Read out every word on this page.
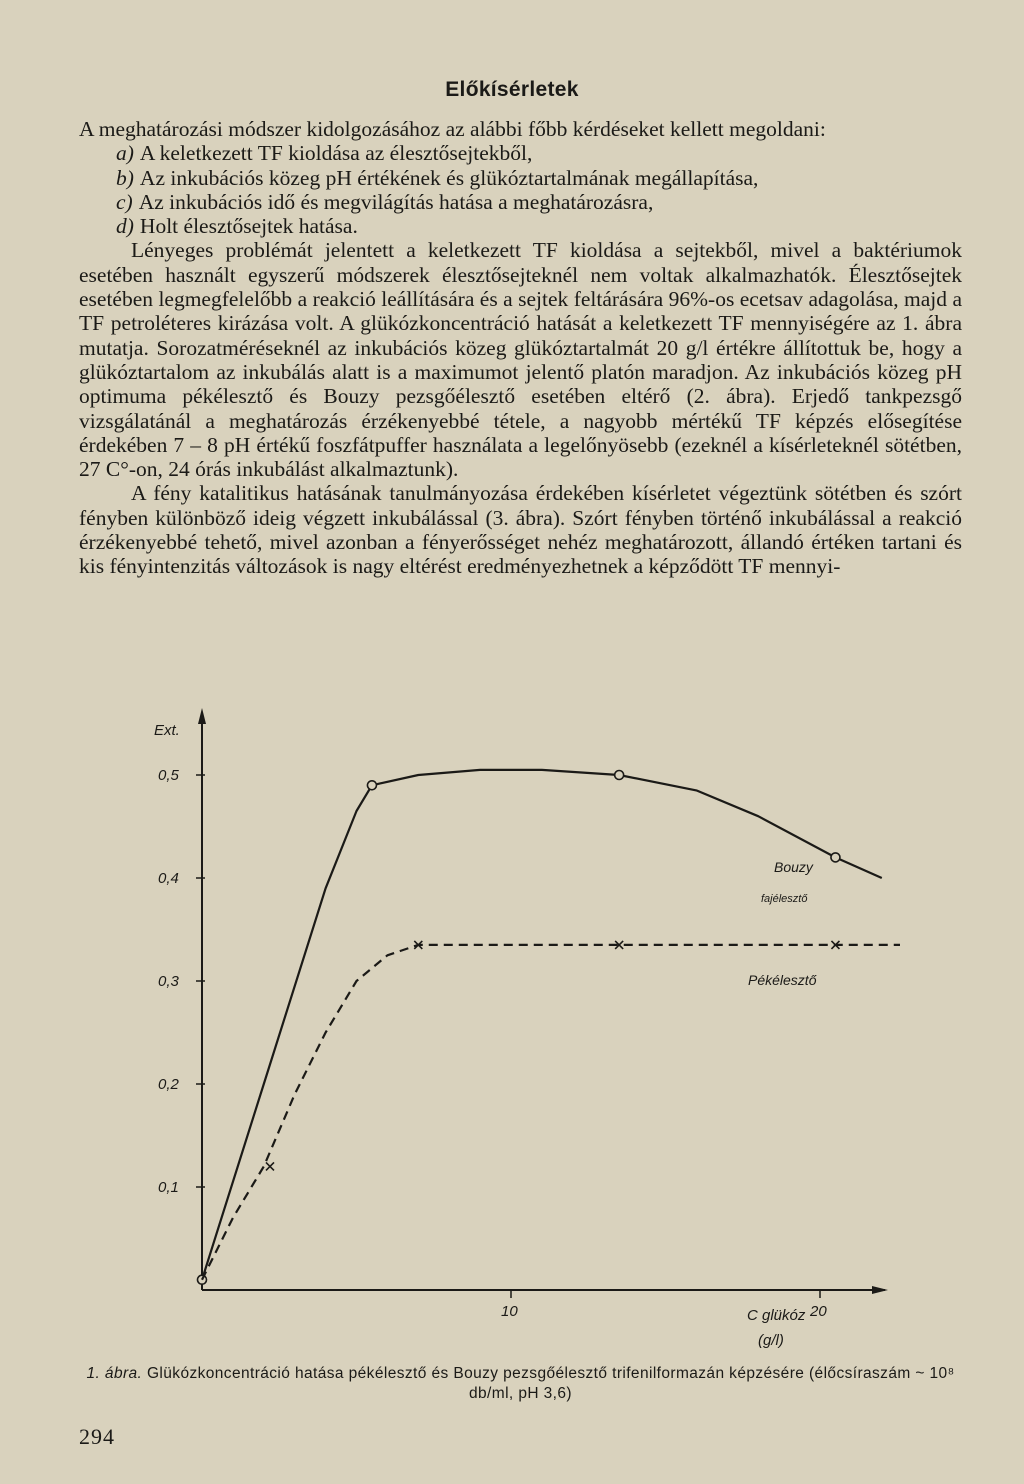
Előkísérletek

A meghatározási módszer kidolgozásához az alábbi főbb kérdéseket kellett megoldani:

a) A keletkezett TF kioldása az élesztősejtekből,

b) Az inkubációs közeg pH értékének és glükóztartalmának megállapítása,

c) Az inkubációs idő és megvilágítás hatása a meghatározásra,

d) Holt élesztősejtek hatása.

Lényeges problémát jelentett a keletkezett TF kioldása a sejtekből, mivel a baktériumok esetében használt egyszerű módszerek élesztősejteknél nem voltak alkalmazhatók. Élesztősejtek esetében legmegfelelőbb a reakció leállítására és a sejtek feltárására 96%-os ecetsav adagolása, majd a TF petroléteres kirázása volt. A glükózkoncentráció hatását a keletkezett TF mennyiségére az 1. ábra mutatja. Sorozatméréseknél az inkubációs közeg glükóztartalmát 20 g/l értékre állítottuk be, hogy a glükóztartalom az inkubálás alatt is a maximumot jelentő platón maradjon. Az inkubációs közeg pH optimuma pékélesztő és Bouzy pezsgőélesztő esetében eltérő (2. ábra). Erjedő tankpezsgő vizsgálatánál a meghatározás érzékenyebbé tétele, a nagyobb mértékű TF képzés elősegítése érdekében 7 – 8 pH értékű foszfátpuffer használata a legelőnyösebb (ezeknél a kísérleteknél sötétben, 27 C°-on, 24 órás inkubálást alkalmaztunk).

A fény katalitikus hatásának tanulmányozása érdekében kísérletet végeztünk sötétben és szórt fényben különböző ideig végzett inkubálással (3. ábra). Szórt fényben történő inkubálással a reakció érzékenyebbé tehető, mivel azonban a fényerősséget nehéz meghatározott, állandó értéken tartani és kis fényintenzitás változások is nagy eltérést eredményezhetnek a képződött TF mennyi-

0,1
0,2
0,3
0,4
0,5
10	20
Ext.
C glükóz
(g/l)
Bouzy
fajélesztő
Pékélesztő
1. ábra. Glükózkoncentráció hatása pékélesztő és Bouzy pezsgőélesztő trifenilformazán képzésére (élőcsíraszám ~ 10⁸ db/ml, pH 3,6)
294
